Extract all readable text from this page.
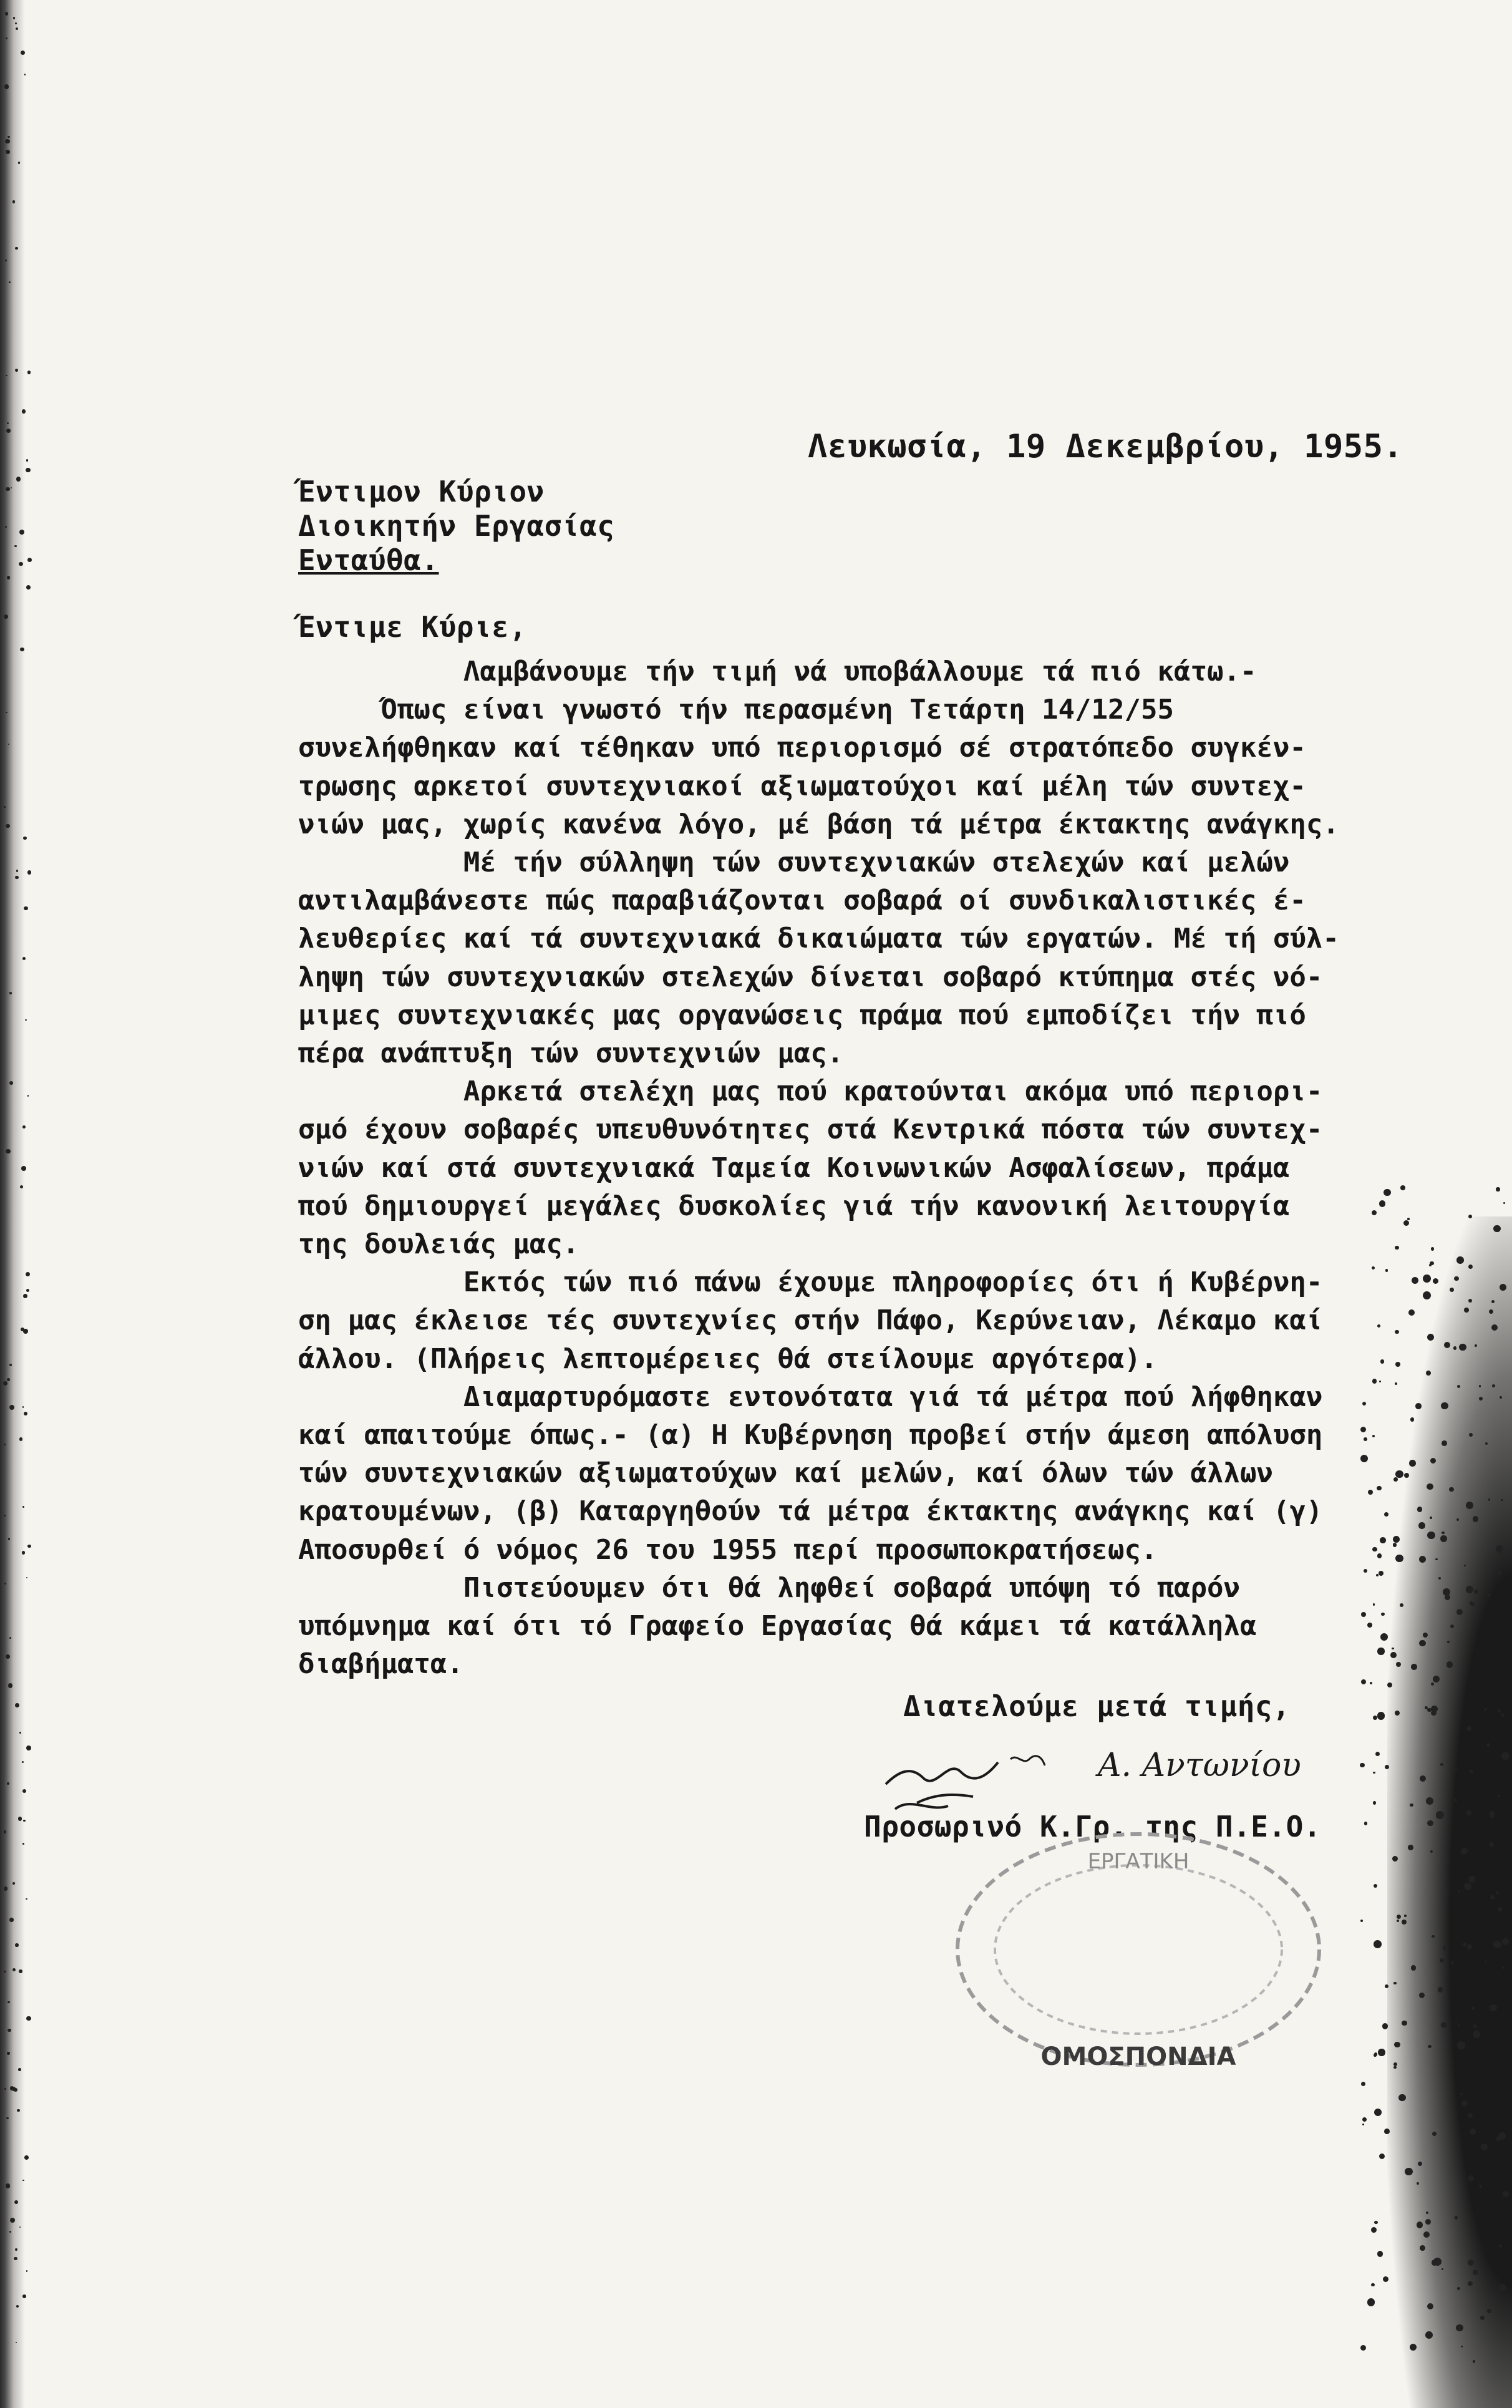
Λευκωσία, 19 Δεκεμβρίου, 1955.
Έντιμον Κύριον
Διοικητήν Εργασίας
Ενταύθα.
Έντιμε Κύριε,
Λαμβάνουμε τήν τιμή νά υποβάλλουμε τά πιό κάτω.-
Όπως είναι γνωστό τήν περασμένη Τετάρτη 14/12/55
συνελήφθηκαν καί τέθηκαν υπό περιορισμό σέ στρατόπεδο συγκέν-
τρωσης αρκετοί συντεχνιακοί αξιωματούχοι καί μέλη τών συντεχ-
νιών μας, χωρίς κανένα λόγο, μέ βάση τά μέτρα έκτακτης ανάγκης.
Μέ τήν σύλληψη τών συντεχνιακών στελεχών καί μελών
αντιλαμβάνεστε πώς παραβιάζονται σοβαρά οί συνδικαλιστικές έ-
λευθερίες καί τά συντεχνιακά δικαιώματα τών εργατών. Μέ τή σύλ-
ληψη τών συντεχνιακών στελεχών δίνεται σοβαρό κτύπημα στές νό-
μιμες συντεχνιακές μας οργανώσεις πράμα πού εμποδίζει τήν πιό
πέρα ανάπτυξη τών συντεχνιών μας.
Αρκετά στελέχη μας πού κρατούνται ακόμα υπό περιορι-
σμό έχουν σοβαρές υπευθυνότητες στά Κεντρικά πόστα τών συντεχ-
νιών καί στά συντεχνιακά Ταμεία Κοινωνικών Ασφαλίσεων, πράμα
πού δημιουργεί μεγάλες δυσκολίες γιά τήν κανονική λειτουργία
της δουλειάς μας.
Εκτός τών πιό πάνω έχουμε πληροφορίες ότι ή Κυβέρνη-
ση μας έκλεισε τές συντεχνίες στήν Πάφο, Κερύνειαν, Λέκαμο καί
άλλου. (Πλήρεις λεπτομέρειες θά στείλουμε αργότερα).
Διαμαρτυρόμαστε εντονότατα γιά τά μέτρα πού λήφθηκαν
καί απαιτούμε όπως.- (α) Η Κυβέρνηση προβεί στήν άμεση απόλυση
τών συντεχνιακών αξιωματούχων καί μελών, καί όλων τών άλλων
κρατουμένων, (β) Καταργηθούν τά μέτρα έκτακτης ανάγκης καί (γ)
Αποσυρθεί ό νόμος 26 του 1955 περί προσωποκρατήσεως.
Πιστεύουμεν ότι θά ληφθεί σοβαρά υπόψη τό παρόν
υπόμνημα καί ότι τό Γραφείο Εργασίας θά κάμει τά κατάλληλα
διαβήματα.
Διατελούμε μετά τιμής,
Α. Αντωνίου
Προσωρινό Κ.Γρ. της Π.Ε.Ο.
ΕΡΓΑΤΙΚΗ
ΟΜΟΣΠΟΝΔΙΑ
